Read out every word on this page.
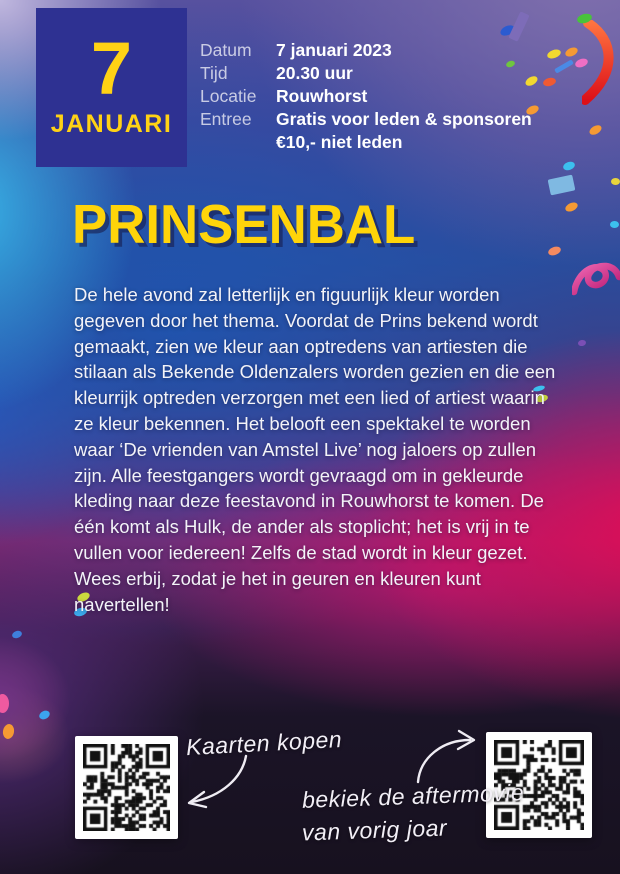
7
JANUARI
Datum	7 januari 2023
Tijd	20.30 uur
Locatie	Rouwhorst
Entree	Gratis voor leden & sponsoren
€10,- niet leden
PRINSENBAL
De hele avond zal letterlijk en figuurlijk kleur worden gegeven door het thema. Voordat de Prins bekend wordt gemaakt, zien we kleur aan optredens van artiesten die stilaan als Bekende Oldenzalers worden gezien en die een kleurrijk optreden verzorgen met een lied of artiest waarin ze kleur bekennen. Het belooft een spektakel te worden waar ‘De vrienden van Amstel Live’ nog jaloers op zullen zijn. Alle feestgangers wordt gevraagd om in gekleurde kleding naar deze feestavond in Rouwhorst te komen. De één komt als Hulk, de ander als stoplicht; het is vrij in te vullen voor iedereen! Zelfs de stad wordt in kleur gezet. Wees erbij, zodat je het in geuren en kleuren kunt navertellen!
Kaarten kopen
bekiek de aftermovie
van vorig joar
